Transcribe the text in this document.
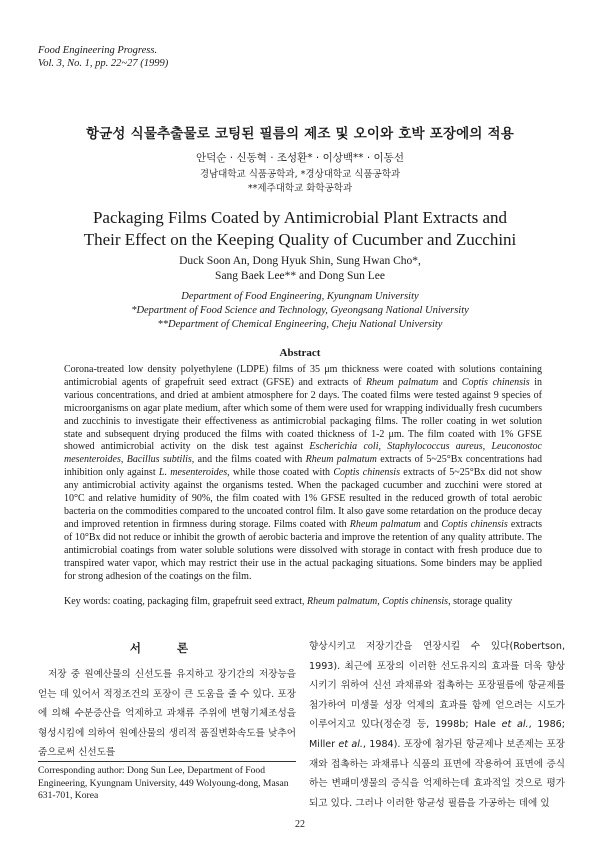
Food Engineering Progress.
Vol. 3, No. 1, pp. 22~27 (1999)
항균성 식물추출물로 코팅된 필름의 제조 및 오이와 호박 포장에의 적용
안덕순 · 신동혁 · 조성환* · 이상백** · 이동선
경남대학교 식품공학과, *경상대학교 식품공학과
**제주대학교 화학공학과
Packaging Films Coated by Antimicrobial Plant Extracts and
Their Effect on the Keeping Quality of Cucumber and Zucchini
Duck Soon An, Dong Hyuk Shin, Sung Hwan Cho*,
Sang Baek Lee** and Dong Sun Lee
Department of Food Engineering, Kyungnam University
*Department of Food Science and Technology, Gyeongsang National University
**Department of Chemical Engineering, Cheju National University
Abstract
Corona-treated low density polyethylene (LDPE) films of 35 μm thickness were coated with solutions containing antimicrobial agents of grapefruit seed extract (GFSE) and extracts of Rheum palmatum and Coptis chinensis in various concentrations, and dried at ambient atmosphere for 2 days. The coated films were tested against 9 species of microorganisms on agar plate medium, after which some of them were used for wrapping individually fresh cucumbers and zucchinis to investigate their effectiveness as antimicrobial packaging films. The roller coating in wet solution state and subsequent drying produced the films with coated thickness of 1-2 μm. The film coated with 1% GFSE showed antimicrobial activity on the disk test against Escherichia coli, Staphylococcus aureus, Leuconostoc mesenteroides, Bacillus subtilis, and the films coated with Rheum palmatum extracts of 5~25°Bx concentrations had inhibition only against L. mesenteroides, while those coated with Coptis chinensis extracts of 5~25°Bx did not show any antimicrobial activity against the organisms tested. When the packaged cucumber and zucchini were stored at 10°C and relative humidity of 90%, the film coated with 1% GFSE resulted in the reduced growth of total aerobic bacteria on the commodities compared to the uncoated control film. It also gave some retardation on the produce decay and improved retention in firmness during storage. Films coated with Rheum palmatum and Coptis chinensis extracts of 10°Bx did not reduce or inhibit the growth of aerobic bacteria and improve the retention of any quality attribute. The antimicrobial coatings from water soluble solutions were dissolved with storage in contact with fresh produce due to transpired water vapor, which may restrict their use in the actual packaging situations. Some binders may be applied for strong adhesion of the coatings on the film.
Key words: coating, packaging film, grapefruit seed extract, Rheum palmatum, Coptis chinensis, storage quality
서 론
저장 중 원예산물의 신선도를 유지하고 장기간의 저장능을 얻는 데 있어서 적정조건의 포장이 큰 도움을 줄 수 있다. 포장에 의해 수분증산을 억제하고 과채류 주위에 변형기체조성을 형성시킴에 의하여 원예산물의 생리적 품질변화속도를 낮추어줌으로써 신선도를
향상시키고 저장기간을 연장시킬 수 있다(Robertson, 1993). 최근에 포장의 이러한 선도유지의 효과를 더욱 향상시키기 위하여 신선 과채류와 접촉하는 포장필름에 항균제를 첨가하여 미생물 성장 억제의 효과를 함께 얻으려는 시도가 이루어지고 있다(정순경 등, 1998b; Hale et al., 1986; Miller et al., 1984). 포장에 첨가된 항균제나 보존제는 포장재와 접촉하는 과채류나 식품의 표면에 작용하여 표면에 증식하는 변패미생물의 증식을 억제하는데 효과적일 것으로 평가되고 있다. 그러나 이러한 항균성 필름을 가공하는 데에 있
Corresponding author: Dong Sun Lee, Department of Food Engineering, Kyungnam University, 449 Wolyoung-dong, Masan 631-701, Korea
22
